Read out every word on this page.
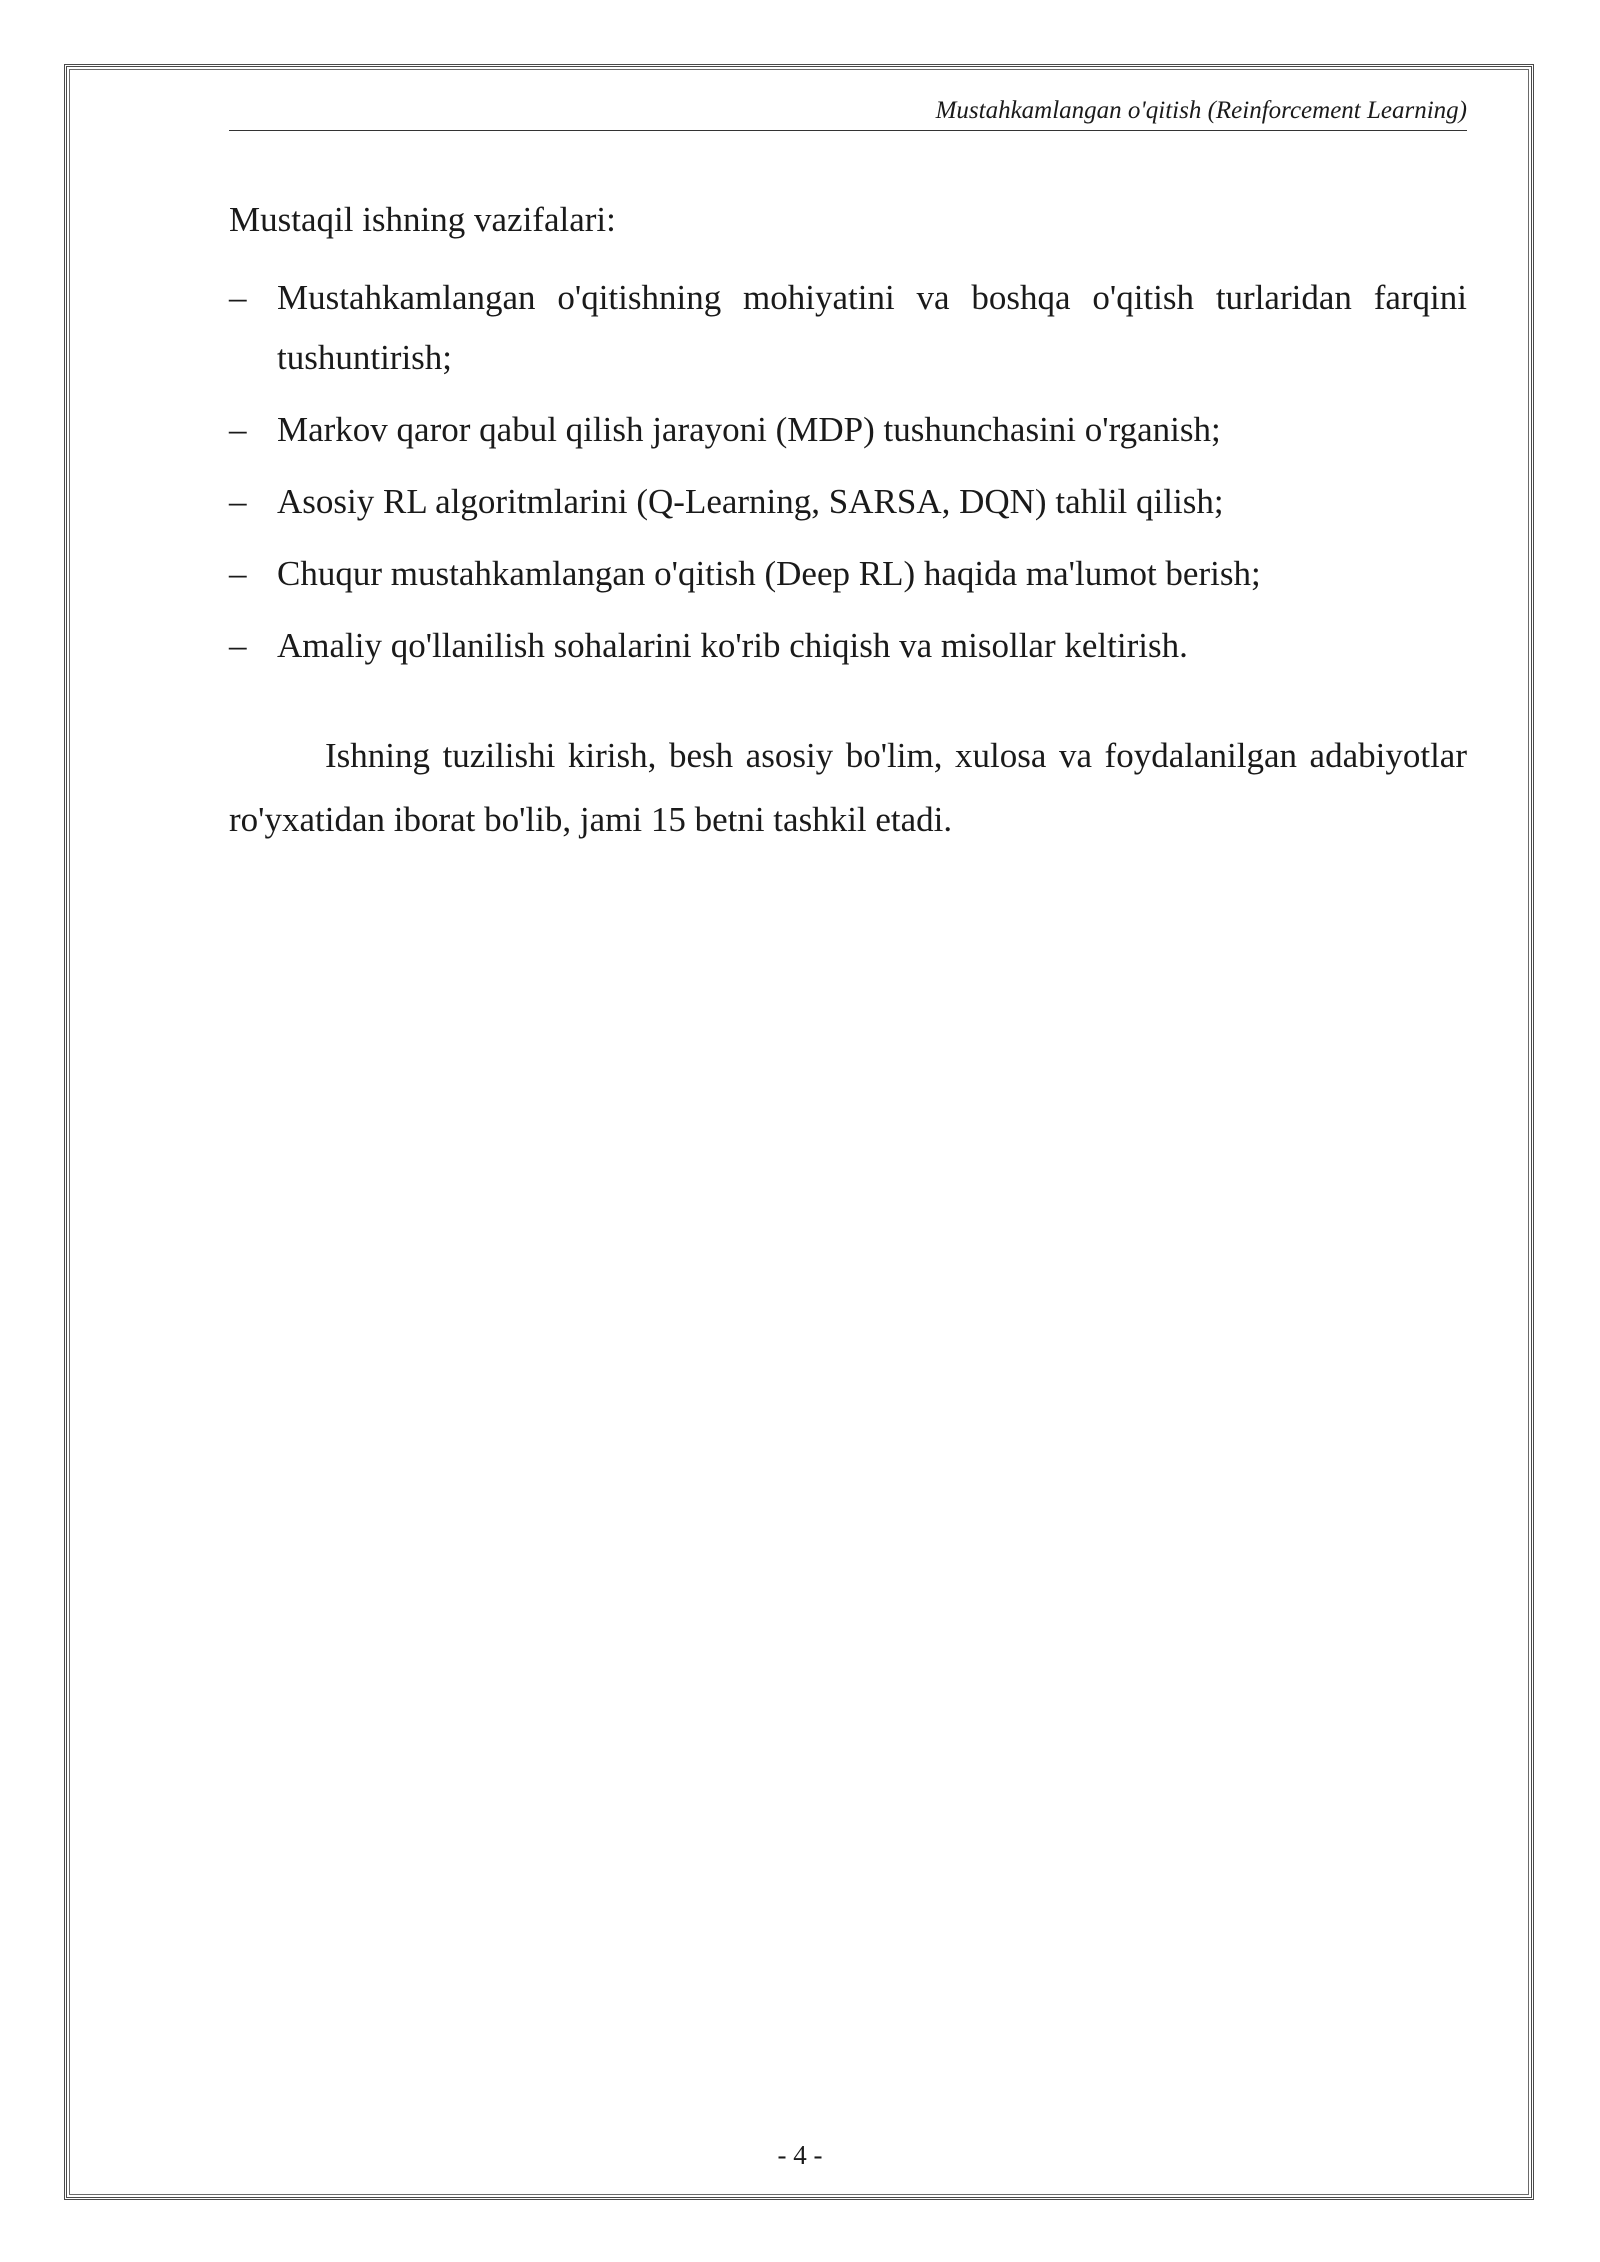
Mustahkamlangan o'qitish (Reinforcement Learning)

Mustaqil ishning vazifalari:

– Mustahkamlangan o'qitishning mohiyatini va boshqa o'qitish turlaridan farqini tushuntirish;
– Markov qaror qabul qilish jarayoni (MDP) tushunchasini o'rganish;
– Asosiy RL algoritmlarini (Q-Learning, SARSA, DQN) tahlil qilish;
– Chuqur mustahkamlangan o'qitish (Deep RL) haqida ma'lumot berish;
– Amaliy qo'llanilish sohalarini ko'rib chiqish va misollar keltirish.

Ishning tuzilishi kirish, besh asosiy bo'lim, xulosa va foydalanilgan adabiyotlar ro'yxatidan iborat bo'lib, jami 15 betni tashkil etadi.

- 4 -
